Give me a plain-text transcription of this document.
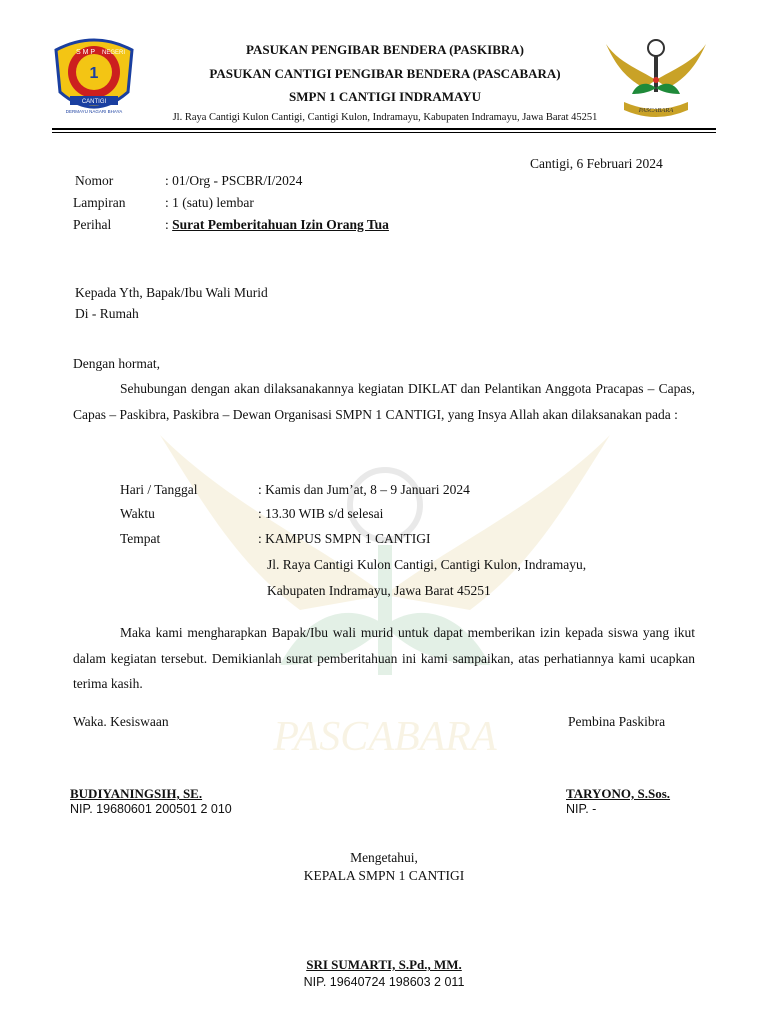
PASCABARA
1
S M P NEGERI
CANTIGI
DERMAYU NAGARI BHAYA	PASCABARA
PASUKAN PENGIBAR BENDERA (PASKIBRA)
PASUKAN CANTIGI PENGIBAR BENDERA (PASCABARA)
SMPN 1 CANTIGI INDRAMAYU
Jl. Raya Cantigi Kulon Cantigi, Cantigi Kulon, Indramayu, Kabupaten Indramayu, Jawa Barat 45251
Cantigi, 6 Februari 2024
Nomor	: 01/Org - PSCBR/I/2024
Lampiran	: 1 (satu) lembar
Perihal	: Surat Pemberitahuan Izin Orang Tua
Kepada Yth, Bapak/Ibu Wali Murid
Di - Rumah
Dengan hormat,

Sehubungan dengan akan dilaksanakannya kegiatan DIKLAT dan Pelantikan Anggota Pracapas – Capas, Capas – Paskibra, Paskibra – Dewan Organisasi SMPN 1 CANTIGI, yang Insya Allah akan dilaksanakan pada :

Hari / Tanggal	: Kamis dan Jum’at, 8 – 9 Januari 2024
Waktu	: 13.30 WIB s/d selesai
Tempat	: KAMPUS SMPN 1 CANTIGI
Jl. Raya Cantigi Kulon Cantigi, Cantigi Kulon, Indramayu,
Kabupaten Indramayu, Jawa Barat 45251

Maka kami mengharapkan Bapak/Ibu wali murid untuk dapat memberikan izin kepada siswa yang ikut dalam kegiatan tersebut. Demikianlah surat pemberitahuan ini kami sampaikan, atas perhatiannya kami ucapkan terima kasih.

Waka. Kesiswaan	Pembina Paskibra
BUDIYANINGSIH, SE.
NIP. 19680601 200501 2 010
TARYONO, S.Sos.
NIP. -
Mengetahui,
KEPALA SMPN 1 CANTIGI
SRI SUMARTI, S.Pd., MM.
NIP. 19640724 198603 2 011
